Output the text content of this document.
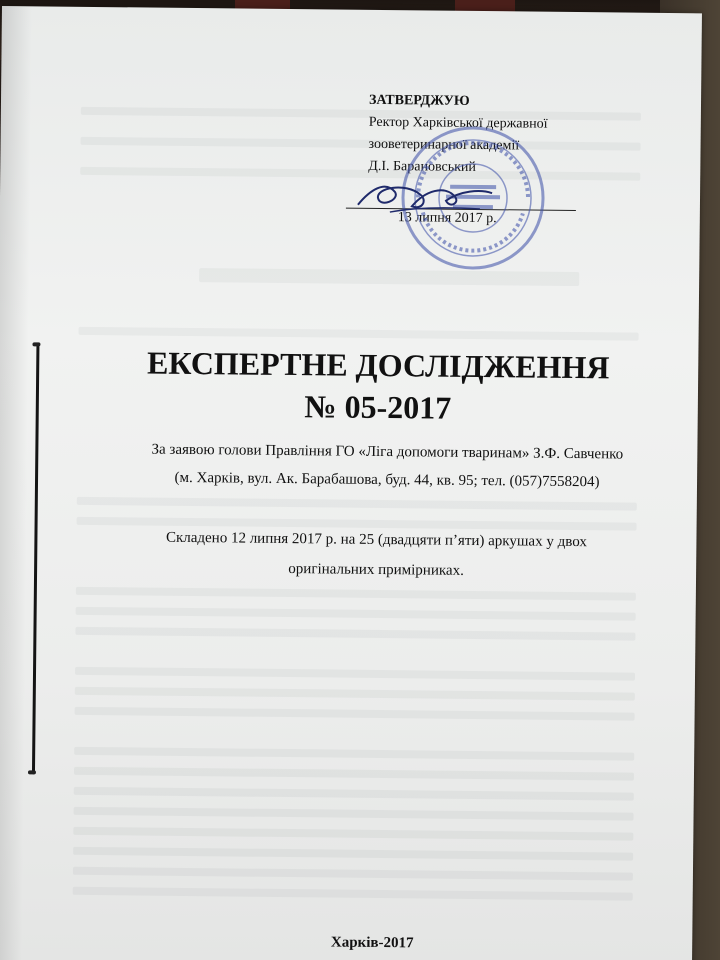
ЗАТВЕРДЖУЮ
Ректор Харківської державної
зооветеринарної академії
Д.І. Барановський
13 липня 2017 р.
ЕКСПЕРТНЕ ДОСЛІДЖЕННЯ
№ 05-2017
За заявою голови Правління ГО «Ліга допомоги тваринам» З.Ф. Савченко
(м. Харків, вул. Ак. Барабашова, буд. 44, кв. 95; тел. (057)7558204)
Складено 12 липня 2017 р. на 25 (двадцяти п’яти) аркушах у двох
оригінальних примірниках.
Харків-2017
